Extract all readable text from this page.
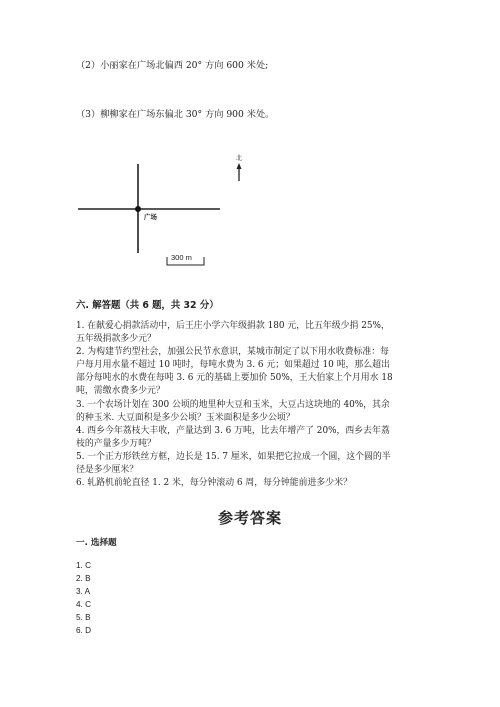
（2）小丽家在广场北偏西 20° 方向 600 米处;
（3）柳柳家在广场东偏北 30° 方向 900 米处。
北
广场
300 m
六. 解答题（共 6 题，共 32 分）
1. 在献爱心捐款活动中，后王庄小学六年级捐款 180 元，比五年级少捐 25%，
五年级捐款多少元？
2. 为构建节约型社会，加强公民节水意识，某城市制定了以下用水收费标准：每
户每月用水量不超过 10 吨时，每吨水费为 3. 6 元；如果超过 10 吨，那么超出
部分每吨水的水费在每吨 3. 6 元的基础上要加价 50%，王大伯家上个月用水 18
吨，需缴水费多少元？
3. 一个农场计划在 300 公顷的地里种大豆和玉米，大豆占这块地的 40%，其余
的种玉米. 大豆面积是多少公顷？玉米面积是多少公顷？
4. 西乡今年荔枝大丰收，产量达到 3. 6 万吨，比去年增产了 20%，西乡去年荔
枝的产量多少万吨？
5. 一个正方形铁丝方框，边长是 15. 7 厘米，如果把它拉成一个圆，这个圆的半
径是多少厘米？
6. 轧路机前轮直径 1. 2 米，每分钟滚动 6 周，每分钟能前进多少米？
参考答案
一. 选择题
1. C
2. B
3. A
4. C
5. B
6. D
